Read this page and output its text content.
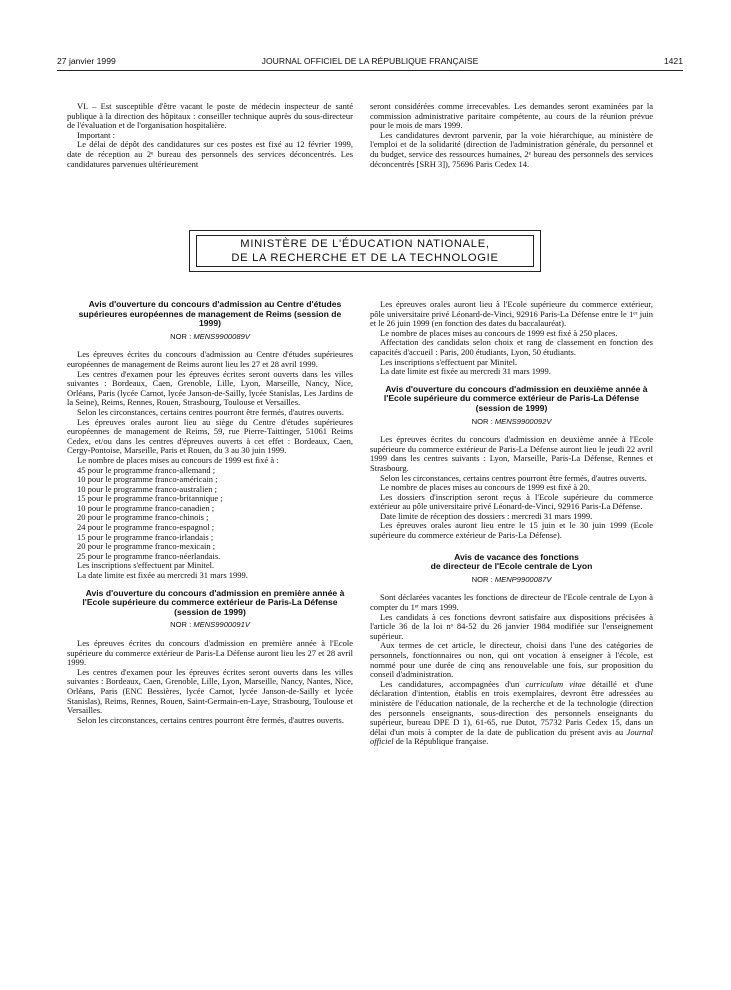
27 janvier 1999	JOURNAL OFFICIEL DE LA RÉPUBLIQUE FRANÇAISE	1421

VI. – Est susceptible d'être vacant le poste de médecin inspecteur de santé publique à la direction des hôpitaux : conseiller technique auprès du sous-directeur de l'évaluation et de l'organisation hospitalière.

Important :

Le délai de dépôt des candidatures sur ces postes est fixé au 12 février 1999, date de réception au 2ᵉ bureau des personnels des services déconcentrés. Les candidatures parvenues ultérieurement

seront considérées comme irrecevables. Les demandes seront examinées par la commission administrative paritaire compétente, au cours de la réunion prévue pour le mois de mars 1999.

Les candidatures devront parvenir, par la voie hiérarchique, au ministère de l'emploi et de la solidarité (direction de l'administration générale, du personnel et du budget, service des ressources humaines, 2ᵉ bureau des personnels des services déconcentrés [SRH 3]), 75696 Paris Cedex 14.

MINISTÈRE DE L'ÉDUCATION NATIONALE,
DE LA RECHERCHE ET DE LA TECHNOLOGIE

Avis d'ouverture du concours d'admission au Centre d'études supérieures européennes de management de Reims (session de 1999)

NOR : MENS9900089V

Les épreuves écrites du concours d'admission au Centre d'études supérieures européennes de management de Reims auront lieu les 27 et 28 avril 1999.

Les centres d'examen pour les épreuves écrites seront ouverts dans les villes suivantes : Bordeaux, Caen, Grenoble, Lille, Lyon, Marseille, Nancy, Nice, Orléans, Paris (lycée Carnot, lycée Janson-de-Sailly, lycée Stanislas, Les Jardins de la Seine), Reims, Rennes, Rouen, Strasbourg, Toulouse et Versailles.

Selon les circonstances, certains centres pourront être fermés, d'autres ouverts.

Les épreuves orales auront lieu au siège du Centre d'études supérieures européennes de management de Reims, 59, rue Pierre-Taittinger, 51061 Reims Cedex, et/ou dans les centres d'épreuves ouverts à cet effet : Bordeaux, Caen, Cergy-Pontoise, Marseille, Paris et Rouen, du 3 au 30 juin 1999.

Le nombre de places mises au concours de 1999 est fixé à :

45 pour le programme franco-allemand ;

10 pour le programme franco-américain ;

10 pour le programme franco-australien ;

15 pour le programme franco-britannique ;

10 pour le programme franco-canadien ;

20 pour le programme franco-chinois ;

24 pour le programme franco-espagnol ;

15 pour le programme franco-irlandais ;

20 pour le programme franco-mexicain ;

25 pour le programme franco-néerlandais.

Les inscriptions s'effectuent par Minitel.

La date limite est fixée au mercredi 31 mars 1999.

Avis d'ouverture du concours d'admission en première année à l'Ecole supérieure du commerce extérieur de Paris-La Défense (session de 1999)

NOR : MENS9900091V

Les épreuves écrites du concours d'admission en première année à l'Ecole supérieure du commerce extérieur de Paris-La Défense auront lieu les 27 et 28 avril 1999.

Les centres d'examen pour les épreuves écrites seront ouverts dans les villes suivantes : Bordeaux, Caen, Grenoble, Lille, Lyon, Marseille, Nancy, Nantes, Nice, Orléans, Paris (ENC Bessières, lycée Carnot, lycée Janson-de-Sailly et lycée Stanislas), Reims, Rennes, Rouen, Saint-Germain-en-Laye, Strasbourg, Toulouse et Versailles.

Selon les circonstances, certains centres pourront être fermés, d'autres ouverts.

Les épreuves orales auront lieu à l'Ecole supérieure du commerce extérieur, pôle universitaire privé Léonard-de-Vinci, 92916 Paris-La Défense entre le 1ᵉʳ juin et le 26 juin 1999 (en fonction des dates du baccalauréat).

Le nombre de places mises au concours de 1999 est fixé à 250 places.

Affectation des candidats selon choix et rang de classement en fonction des capacités d'accueil : Paris, 200 étudiants, Lyon, 50 étudiants.

Les inscriptions s'effectuent par Minitel.

La date limite est fixée au mercredi 31 mars 1999.

Avis d'ouverture du concours d'admission en deuxième année à l'Ecole supérieure du commerce extérieur de Paris-La Défense (session de 1999)

NOR : MENS9900092V

Les épreuves écrites du concours d'admission en deuxième année à l'Ecole supérieure du commerce extérieur de Paris-La Défense auront lieu le jeudi 22 avril 1999 dans les centres suivants : Lyon, Marseille, Paris-La Défense, Rennes et Strasbourg.

Selon les circonstances, certains centres pourront être fermés, d'autres ouverts.

Le nombre de places mises au concours de 1999 est fixé à 20.

Les dossiers d'inscription seront reçus à l'Ecole supérieure du commerce extérieur au pôle universitaire privé Léonard-de-Vinci, 92916 Paris-La Défense.

Date limite de réception des dossiers : mercredi 31 mars 1999.

Les épreuves orales auront lieu entre le 15 juin et le 30 juin 1999 (Ecole supérieure du commerce extérieur de Paris-La Défense).

Avis de vacance des fonctions
de directeur de l'Ecole centrale de Lyon

NOR : MENP9900087V

Sont déclarées vacantes les fonctions de directeur de l'Ecole centrale de Lyon à compter du 1ᵉʳ mars 1999.

Les candidats à ces fonctions devront satisfaire aux dispositions précisées à l'article 36 de la loi nᵒ 84-52 du 26 janvier 1984 modifiée sur l'enseignement supérieur.

Aux termes de cet article, le directeur, choisi dans l'une des catégories de personnels, fonctionnaires ou non, qui ont vocation à enseigner à l'école, est nommé pour une durée de cinq ans renouvelable une fois, sur proposition du conseil d'administration.

Les candidatures, accompagnées d'un curriculum vitae détaillé et d'une déclaration d'intention, établis en trois exemplaires, devront être adressées au ministère de l'éducation nationale, de la recherche et de la technologie (direction des personnels enseignants, sous-direction des personnels enseignants du supérieur, bureau DPE D 1), 61-65, rue Dutot, 75732 Paris Cedex 15, dans un délai d'un mois à compter de la date de publication du présent avis au Journal officiel de la République française.
